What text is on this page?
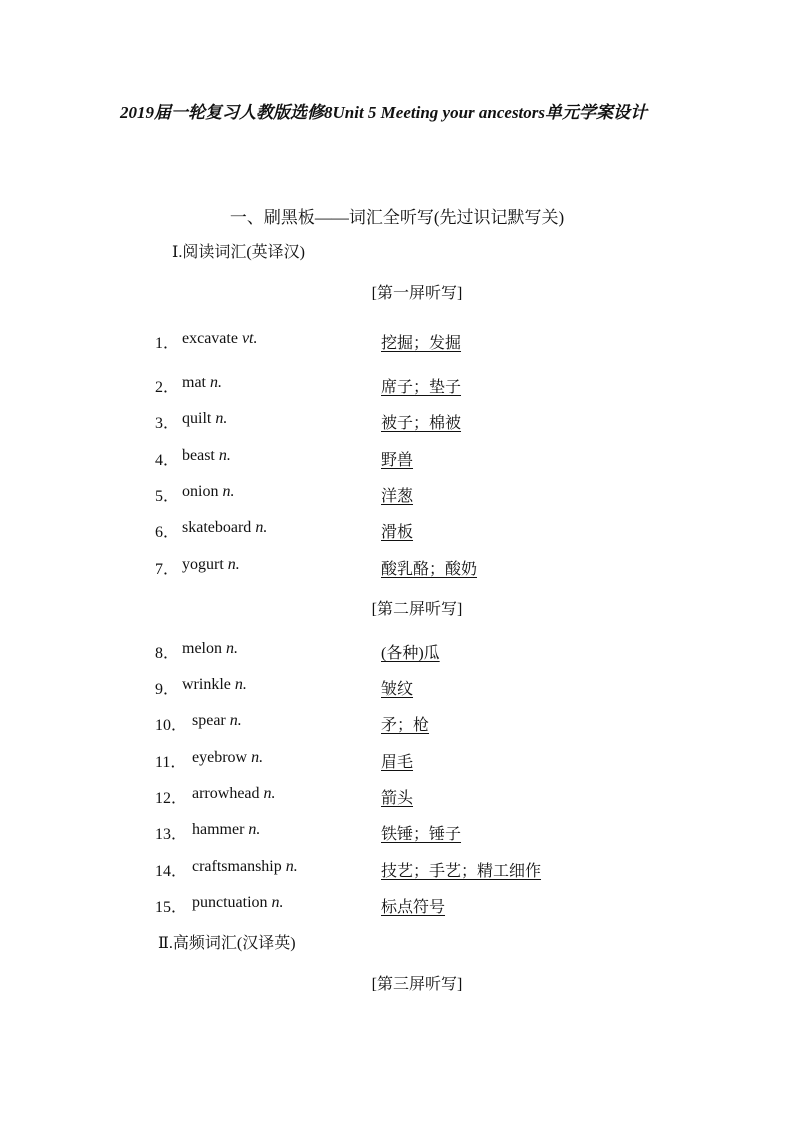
2019届一轮复习人教版选修8Unit 5 Meeting your ancestors单元学案设计
一、刷黑板——词汇全听写(先过识记默写关)
Ⅰ.阅读词汇(英译汉)
[第一屏听写]
1． excavate vt.	挖掘；发掘
2． mat n.	席子；垫子
3． quilt n.	被子；棉被
4． beast n.	野兽
5． onion n.	洋葱
6． skateboard n.	滑板
7． yogurt n.	酸乳酪；酸奶
[第二屏听写]
8． melon n.	(各种)瓜
9． wrinkle n.	皱纹
10． spear n.	矛；枪
11． eyebrow n.	眉毛
12． arrowhead n.	箭头
13． hammer n.	铁锤；锤子
14． craftsmanship n.	技艺；手艺；精工细作
15． punctuation n.	标点符号
Ⅱ.高频词汇(汉译英)
[第三屏听写]
